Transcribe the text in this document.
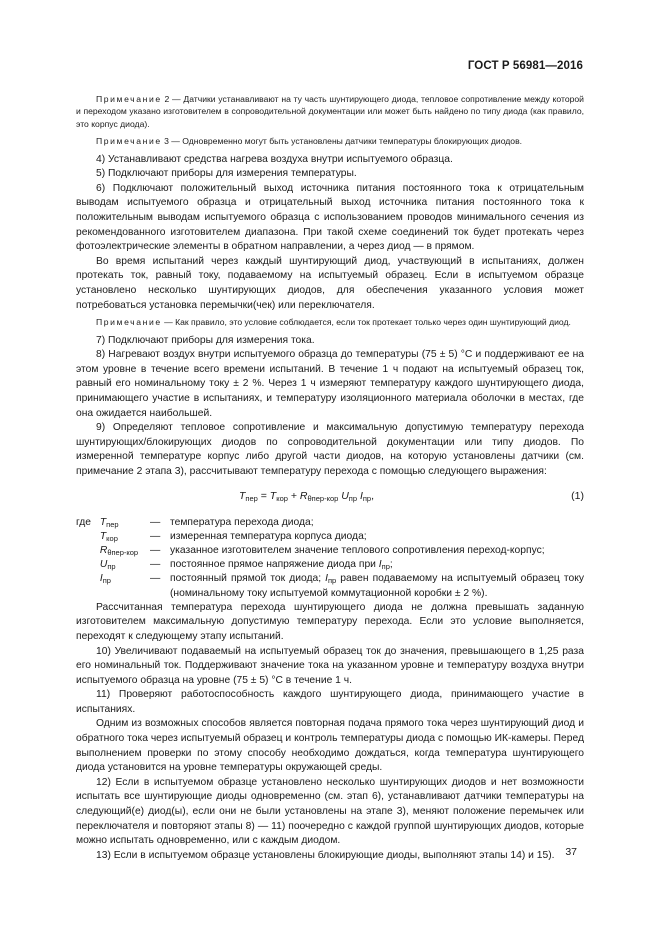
ГОСТ Р 56981—2016

Примечание 2 — Датчики устанавливают на ту часть шунтирующего диода, тепловое сопротивление между которой и переходом указано изготовителем в сопроводительной документации или может быть найдено по типу диода (как правило, это корпус диода).

Примечание 3 — Одновременно могут быть установлены датчики температуры блокирующих диодов.

4) Устанавливают средства нагрева воздуха внутри испытуемого образца.

5) Подключают приборы для измерения температуры.

6) Подключают положительный выход источника питания постоянного тока к отрицательным выводам испытуемого образца и отрицательный выход источника питания постоянного тока к положительным выводам испытуемого образца с использованием проводов минимального сечения из рекомендованного изготовителем диапазона. При такой схеме соединений ток будет протекать через фотоэлектрические элементы в обратном направлении, а через диод — в прямом.

Во время испытаний через каждый шунтирующий диод, участвующий в испытаниях, должен протекать ток, равный току, подаваемому на испытуемый образец. Если в испытуемом образце установлено несколько шунтирующих диодов, для обеспечения указанного условия может потребоваться установка перемычки(чек) или переключателя.

Примечание — Как правило, это условие соблюдается, если ток протекает только через один шунтирующий диод.

7) Подключают приборы для измерения тока.

8) Нагревают воздух внутри испытуемого образца до температуры (75 ± 5) °С и поддерживают ее на этом уровне в течение всего времени испытаний. В течение 1 ч подают на испытуемый образец ток, равный его номинальному току ± 2 %. Через 1 ч измеряют температуру каждого шунтирующего диода, принимающего участие в испытаниях, и температуру изоляционного материала оболочки в местах, где она ожидается наибольшей.

9) Определяют тепловое сопротивление и максимальную допустимую температуру перехода шунтирующих/блокирующих диодов по сопроводительной документации или типу диодов. По измеренной температуре корпус либо другой части диодов, на которую установлены датчики (см. примечание 2 этапа 3), рассчитывают температуру перехода с помощью следующего выражения:

$T_{пер} = T_{кор} + R_{\theta пер-кор}$ $U_{пр}$ $I_{пр}$,	(1)
где $T_{пер}$	— температура перехода диода;
$T_{кор}$	— измеренная температура корпуса диода;
$R_{\theta пер-кор}$	— указанное изготовителем значение теплового сопротивления переход-корпус;
$U_{пр}$	— постоянное прямое напряжение диода при $I_{пр}$;
$I_{пр}$	— постоянный прямой ток диода; $I_{пр}$ равен подаваемому на испытуемый образец току (номинальному току испытуемой коммутационной коробки ± 2 %).

Рассчитанная температура перехода шунтирующего диода не должна превышать заданную изготовителем максимальную допустимую температуру перехода. Если это условие выполняется, переходят к следующему этапу испытаний.

10) Увеличивают подаваемый на испытуемый образец ток до значения, превышающего в 1,25 раза его номинальный ток. Поддерживают значение тока на указанном уровне и температуру воздуха внутри испытуемого образца на уровне (75 ± 5) °С в течение 1 ч.

11) Проверяют работоспособность каждого шунтирующего диода, принимающего участие в испытаниях.

Одним из возможных способов является повторная подача прямого тока через шунтирующий диод и обратного тока через испытуемый образец и контроль температуры диода с помощью ИК-камеры. Перед выполнением проверки по этому способу необходимо дождаться, когда температура шунтирующего диода установится на уровне температуры окружающей среды.

12) Если в испытуемом образце установлено несколько шунтирующих диодов и нет возможности испытать все шунтирующие диоды одновременно (см. этап 6), устанавливают датчики температуры на следующий(е) диод(ы), если они не были установлены на этапе 3), меняют положение перемычек или переключателя и повторяют этапы 8) — 11) поочередно с каждой группой шунтирующих диодов, которые можно испытать одновременно, или с каждым диодом.

13) Если в испытуемом образце установлены блокирующие диоды, выполняют этапы 14) и 15).	37
